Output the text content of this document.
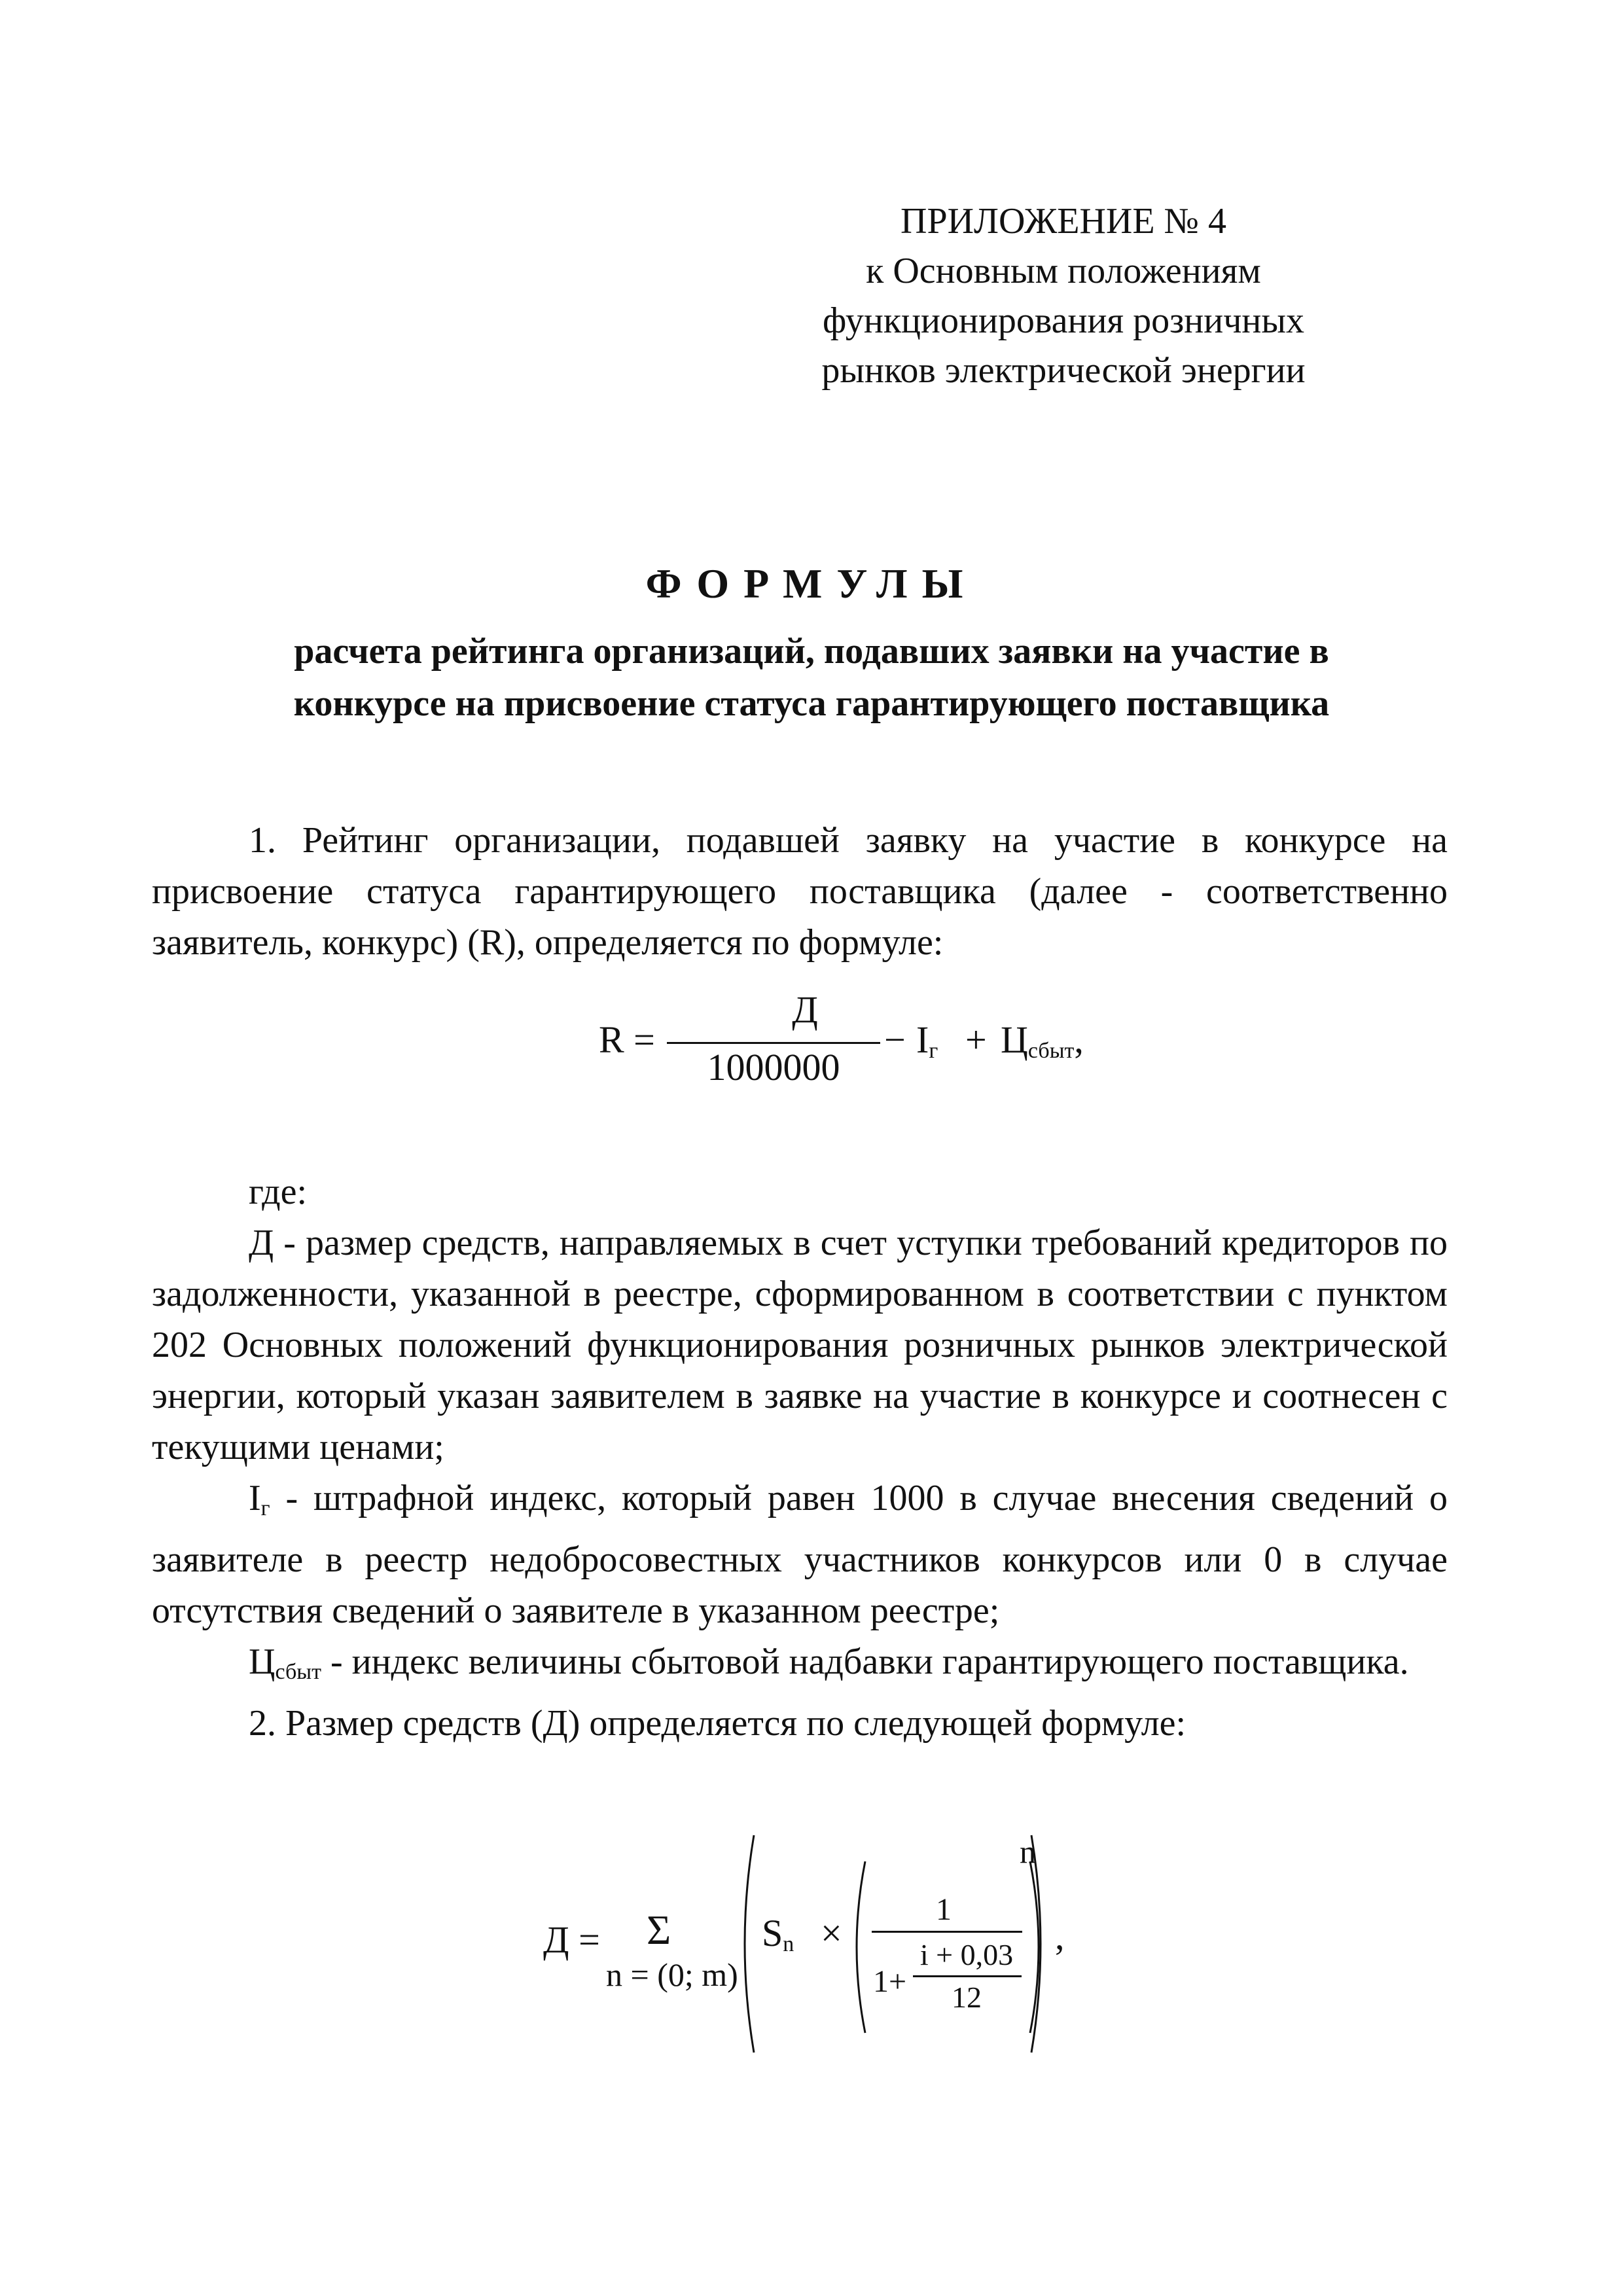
ПРИЛОЖЕНИЕ № 4
к Основным положениям
функционирования розничных
рынков электрической энергии
ФОРМУЛЫ
расчета рейтинга организаций, подавших заявки на участие в
конкурсе на присвоение статуса гарантирующего поставщика

1. Рейтинг организации, подавшей заявку на участие в конкурсе на присвоение статуса гарантирующего поставщика (далее - соответственно заявитель, конкурс) (R), определяется по формуле:

R =
Д
1000000
− $I_г + Ц_{сбыт}$,

где:

Д - размер средств, направляемых в счет уступки требований кредиторов по задолженности, указанной в реестре, сформированном в соответствии с пунктом 202 Основных положений функционирования розничных рынков электрической энергии, который указан заявителем в заявке на участие в конкурсе и соотнесен с текущими ценами;

$I_г$ - штрафной индекс, который равен 1000 в случае внесения сведений о заявителе в реестр недобросовестных участников конкурсов или 0 в случае отсутствия сведений о заявителе в указанном реестре;

$Ц_{сбыт}$ - индекс величины сбытовой надбавки гарантирующего поставщика.

2. Размер средств (Д) определяется по следующей формуле:

Д = Σ
n = (0; m)
$S_n$ ×
1
1+
i + 0,03
12
n
,
